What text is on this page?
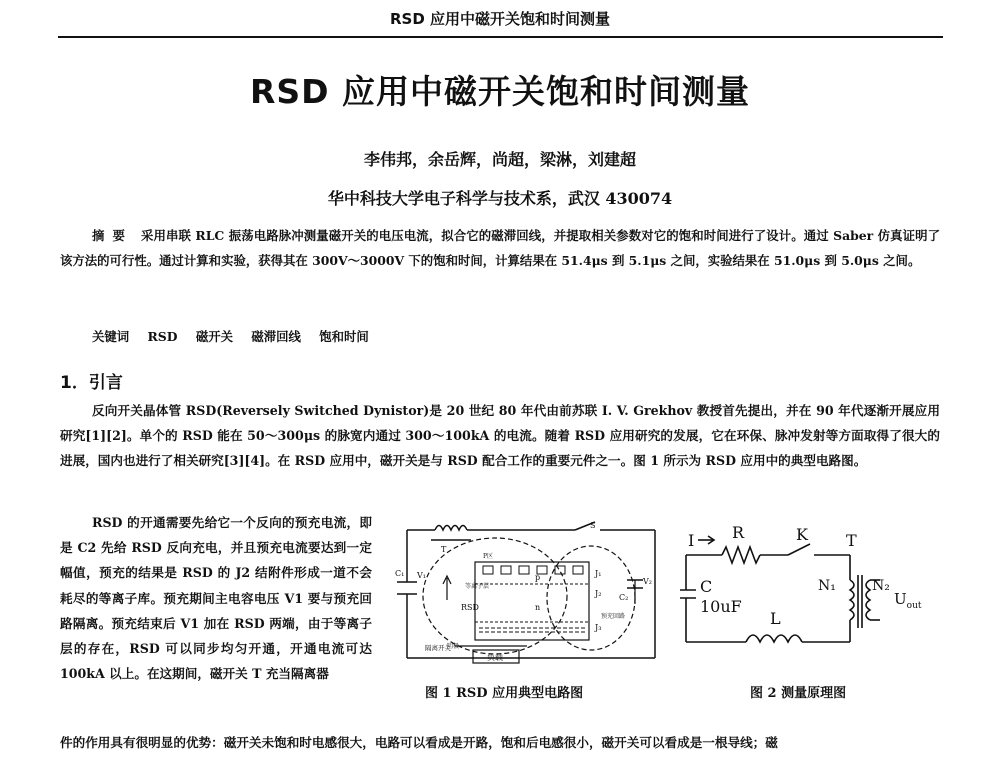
RSD 应用中磁开关饱和时间测量
RSD 应用中磁开关饱和时间测量
李伟邦，余岳辉，尚超，梁淋，刘建超
华中科技大学电子科学与技术系，武汉 430074
摘要 采用串联 RLC 振荡电路脉冲测量磁开关的电压电流，拟合它的磁滞回线，并提取相关参数对它的饱和时间进行了设计。通过 Saber 仿真证明了该方法的可行性。通过计算和实验，获得其在 300V～3000V 下的饱和时间，计算结果在 51.4μs 到 5.1μs 之间，实验结果在 51.0μs 到 5.0μs 之间。
关键词 RSD 磁开关 磁滞回线 饱和时间
1．引言
反向开关晶体管 RSD(Reversely Switched Dynistor)是 20 世纪 80 年代由前苏联 I. V. Grekhov 教授首先提出，并在 90 年代逐渐开展应用研究[1][2]。单个的 RSD 能在 50～300μs 的脉宽内通过 300～100kA 的电流。随着 RSD 应用研究的发展，它在环保、脉冲发射等方面取得了很大的进展，国内也进行了相关研究[3][4]。在 RSD 应用中，磁开关是与 RSD 配合工作的重要元件之一。图 1 所示为 RSD 应用中的典型电路图。
RSD 的开通需要先给它一个反向的预充电流，即是 C2 先给 RSD 反向充电，并且预充电流要达到一定幅值，预充的结果是 RSD 的 J2 结附件形成一道不会耗尽的等离子库。预充期间主电容电压 V1 要与预充回路隔离。预充结束后 V1 加在 RSD 两端，由于等离子层的存在，RSD 可以同步均匀开通，开通电流可达 100kA 以上。在这期间，磁开关 T 充当隔离器
S
T
C₁ V₁	J₁
J₂
J₃
p
n
RSD
C₂
V₂
负载
隔离开关
预充回路
等离子层
P区
阴极
图 1 RSD 应用典型电路图
I R	K T
C
10uF
N₁	N₂
L
$U_{out}$
图 2 测量原理图
件的作用具有很明显的优势：磁开关未饱和时电感很大，电路可以看成是开路，饱和后电感很小，磁开关可以看成是一根导线；磁
